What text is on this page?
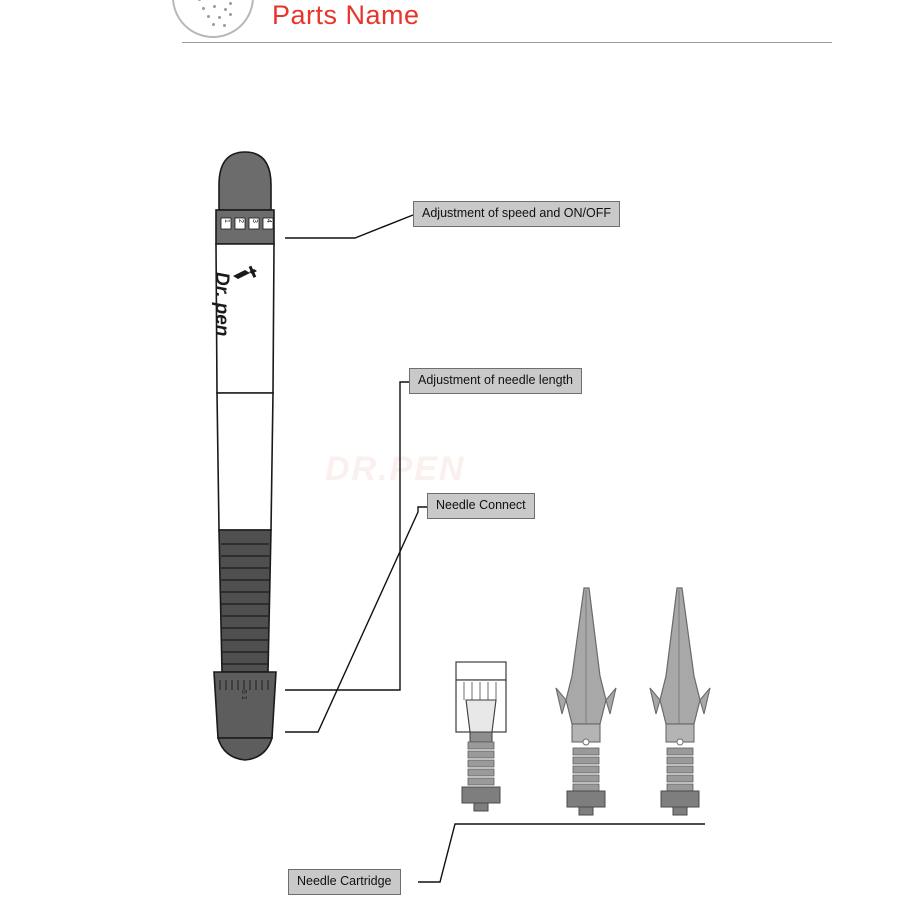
Parts Name
DR.PEN
Dr. pen
1 2 3 4
5 1
Adjustment of speed and ON/OFF
Adjustment of needle length
Needle Connect
Needle Cartridge
